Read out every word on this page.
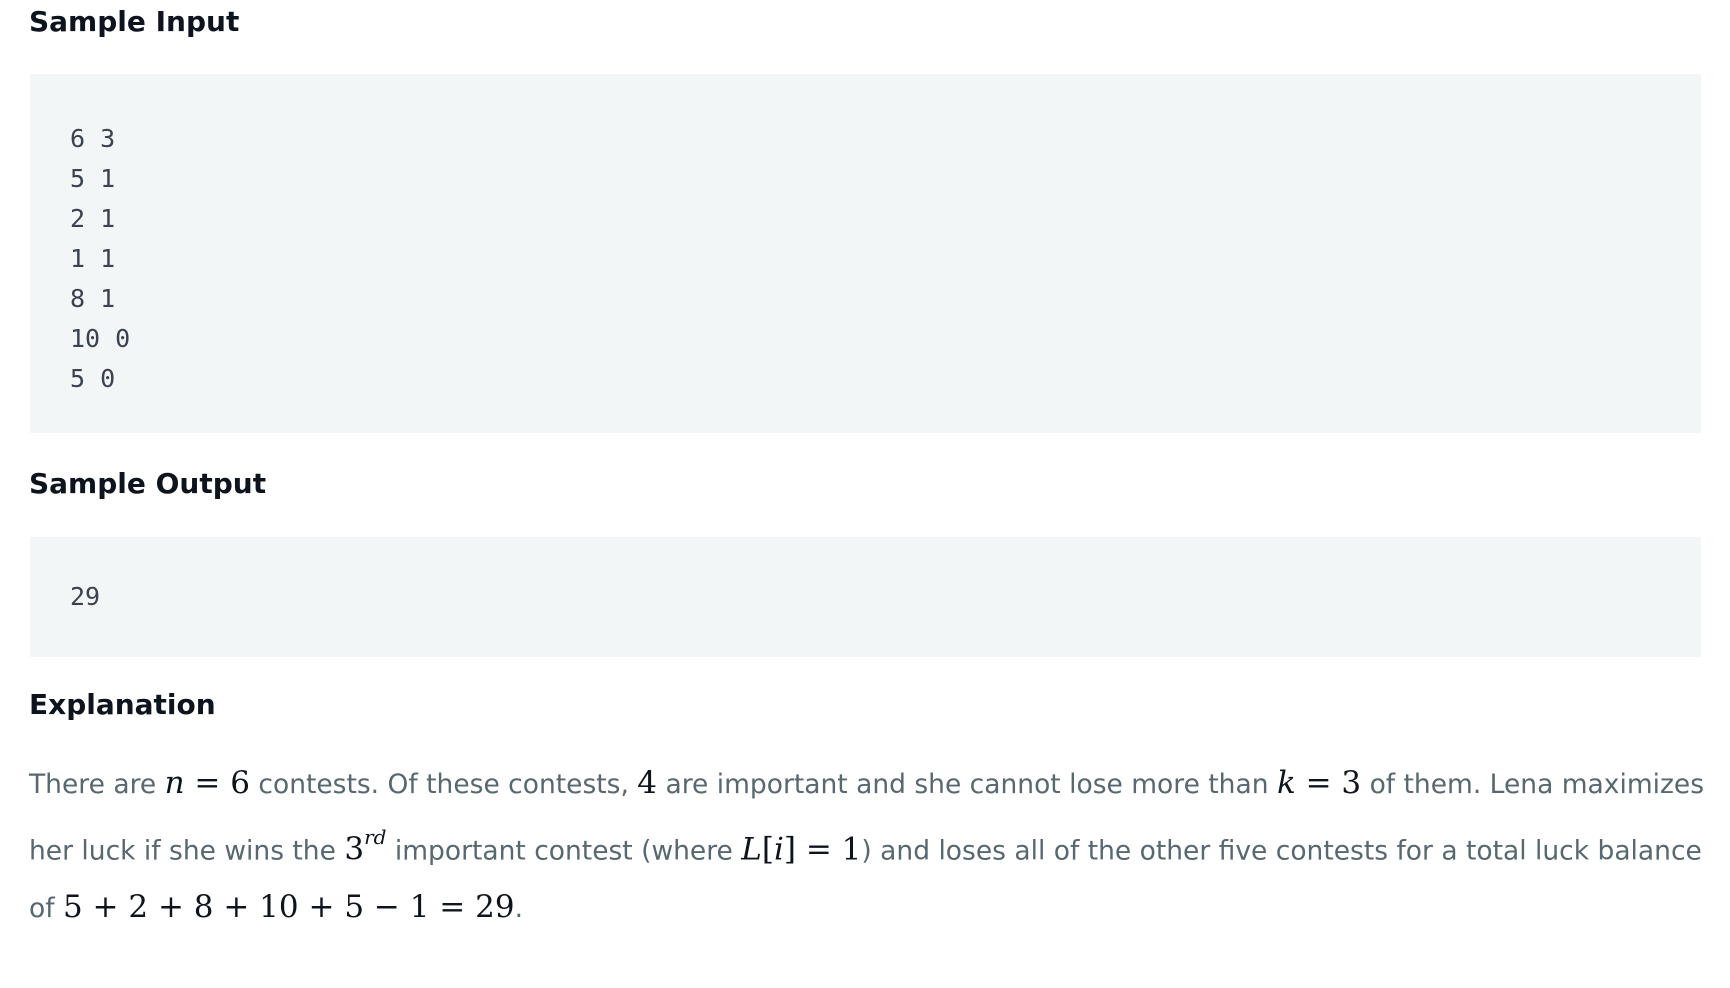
Sample Input
6 3
5 1
2 1
1 1
8 1
10 0
5 0
Sample Output
29
Explanation

There are n = 6 contests. Of these contests, 4 are important and she cannot lose more than k = 3 of them. Lena maximizes
her luck if she wins the 3rd important contest (where L[i] = 1) and loses all of the other five contests for a total luck balance
of 5 + 2 + 8 + 10 + 5 − 1 = 29.
